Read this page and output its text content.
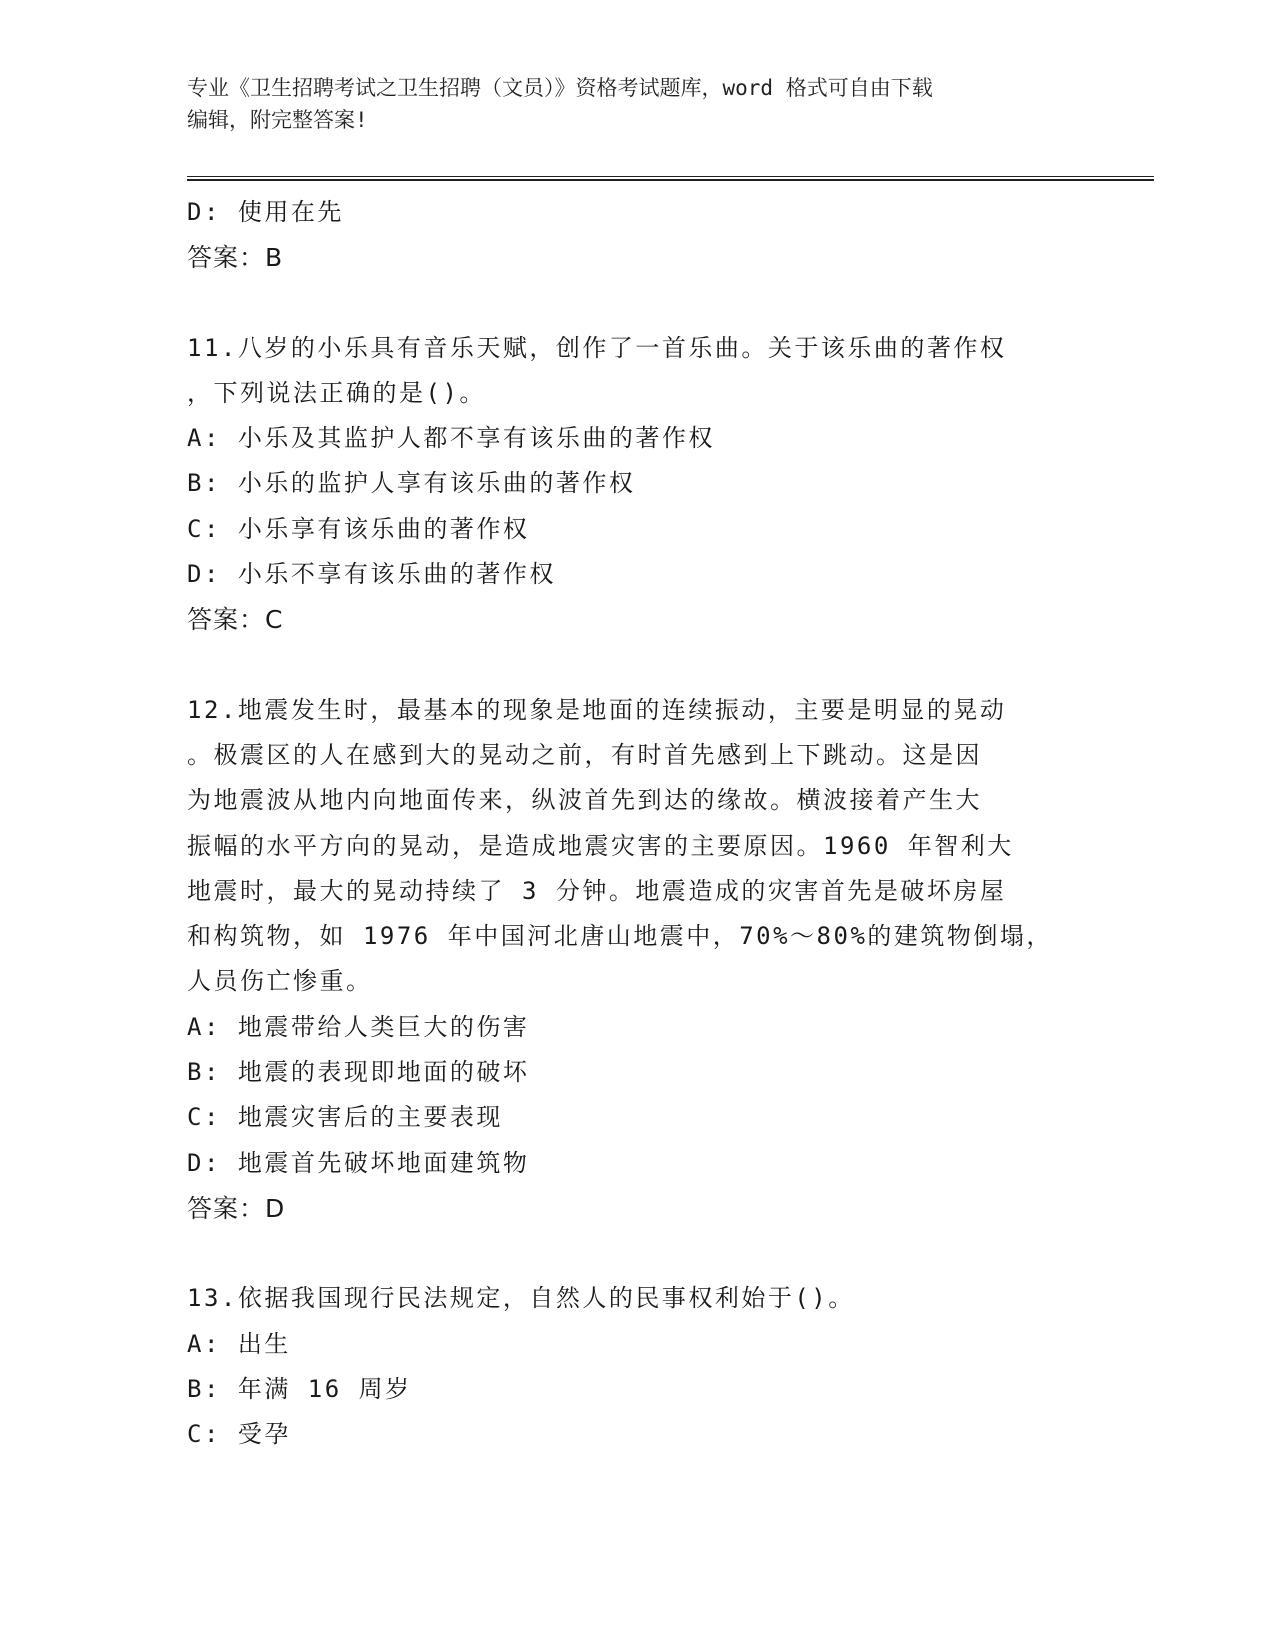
专业《卫生招聘考试之卫生招聘（文员）》资格考试题库，word 格式可自由下载
编辑，附完整答案!

D: 使用在先

答案：B

11.八岁的小乐具有音乐天赋，创作了一首乐曲。关于该乐曲的著作权

，下列说法正确的是()。

A: 小乐及其监护人都不享有该乐曲的著作权

B: 小乐的监护人享有该乐曲的著作权

C: 小乐享有该乐曲的著作权

D: 小乐不享有该乐曲的著作权

答案：C

12.地震发生时，最基本的现象是地面的连续振动，主要是明显的晃动

。极震区的人在感到大的晃动之前，有时首先感到上下跳动。这是因

为地震波从地内向地面传来，纵波首先到达的缘故。横波接着产生大

振幅的水平方向的晃动，是造成地震灾害的主要原因。1960 年智利大

地震时，最大的晃动持续了 3 分钟。地震造成的灾害首先是破坏房屋

和构筑物，如 1976 年中国河北唐山地震中，70%～80%的建筑物倒塌，

人员伤亡惨重。

A: 地震带给人类巨大的伤害

B: 地震的表现即地面的破坏

C: 地震灾害后的主要表现

D: 地震首先破坏地面建筑物

答案：D

13.依据我国现行民法规定，自然人的民事权利始于()。

A: 出生

B: 年满 16 周岁

C: 受孕
